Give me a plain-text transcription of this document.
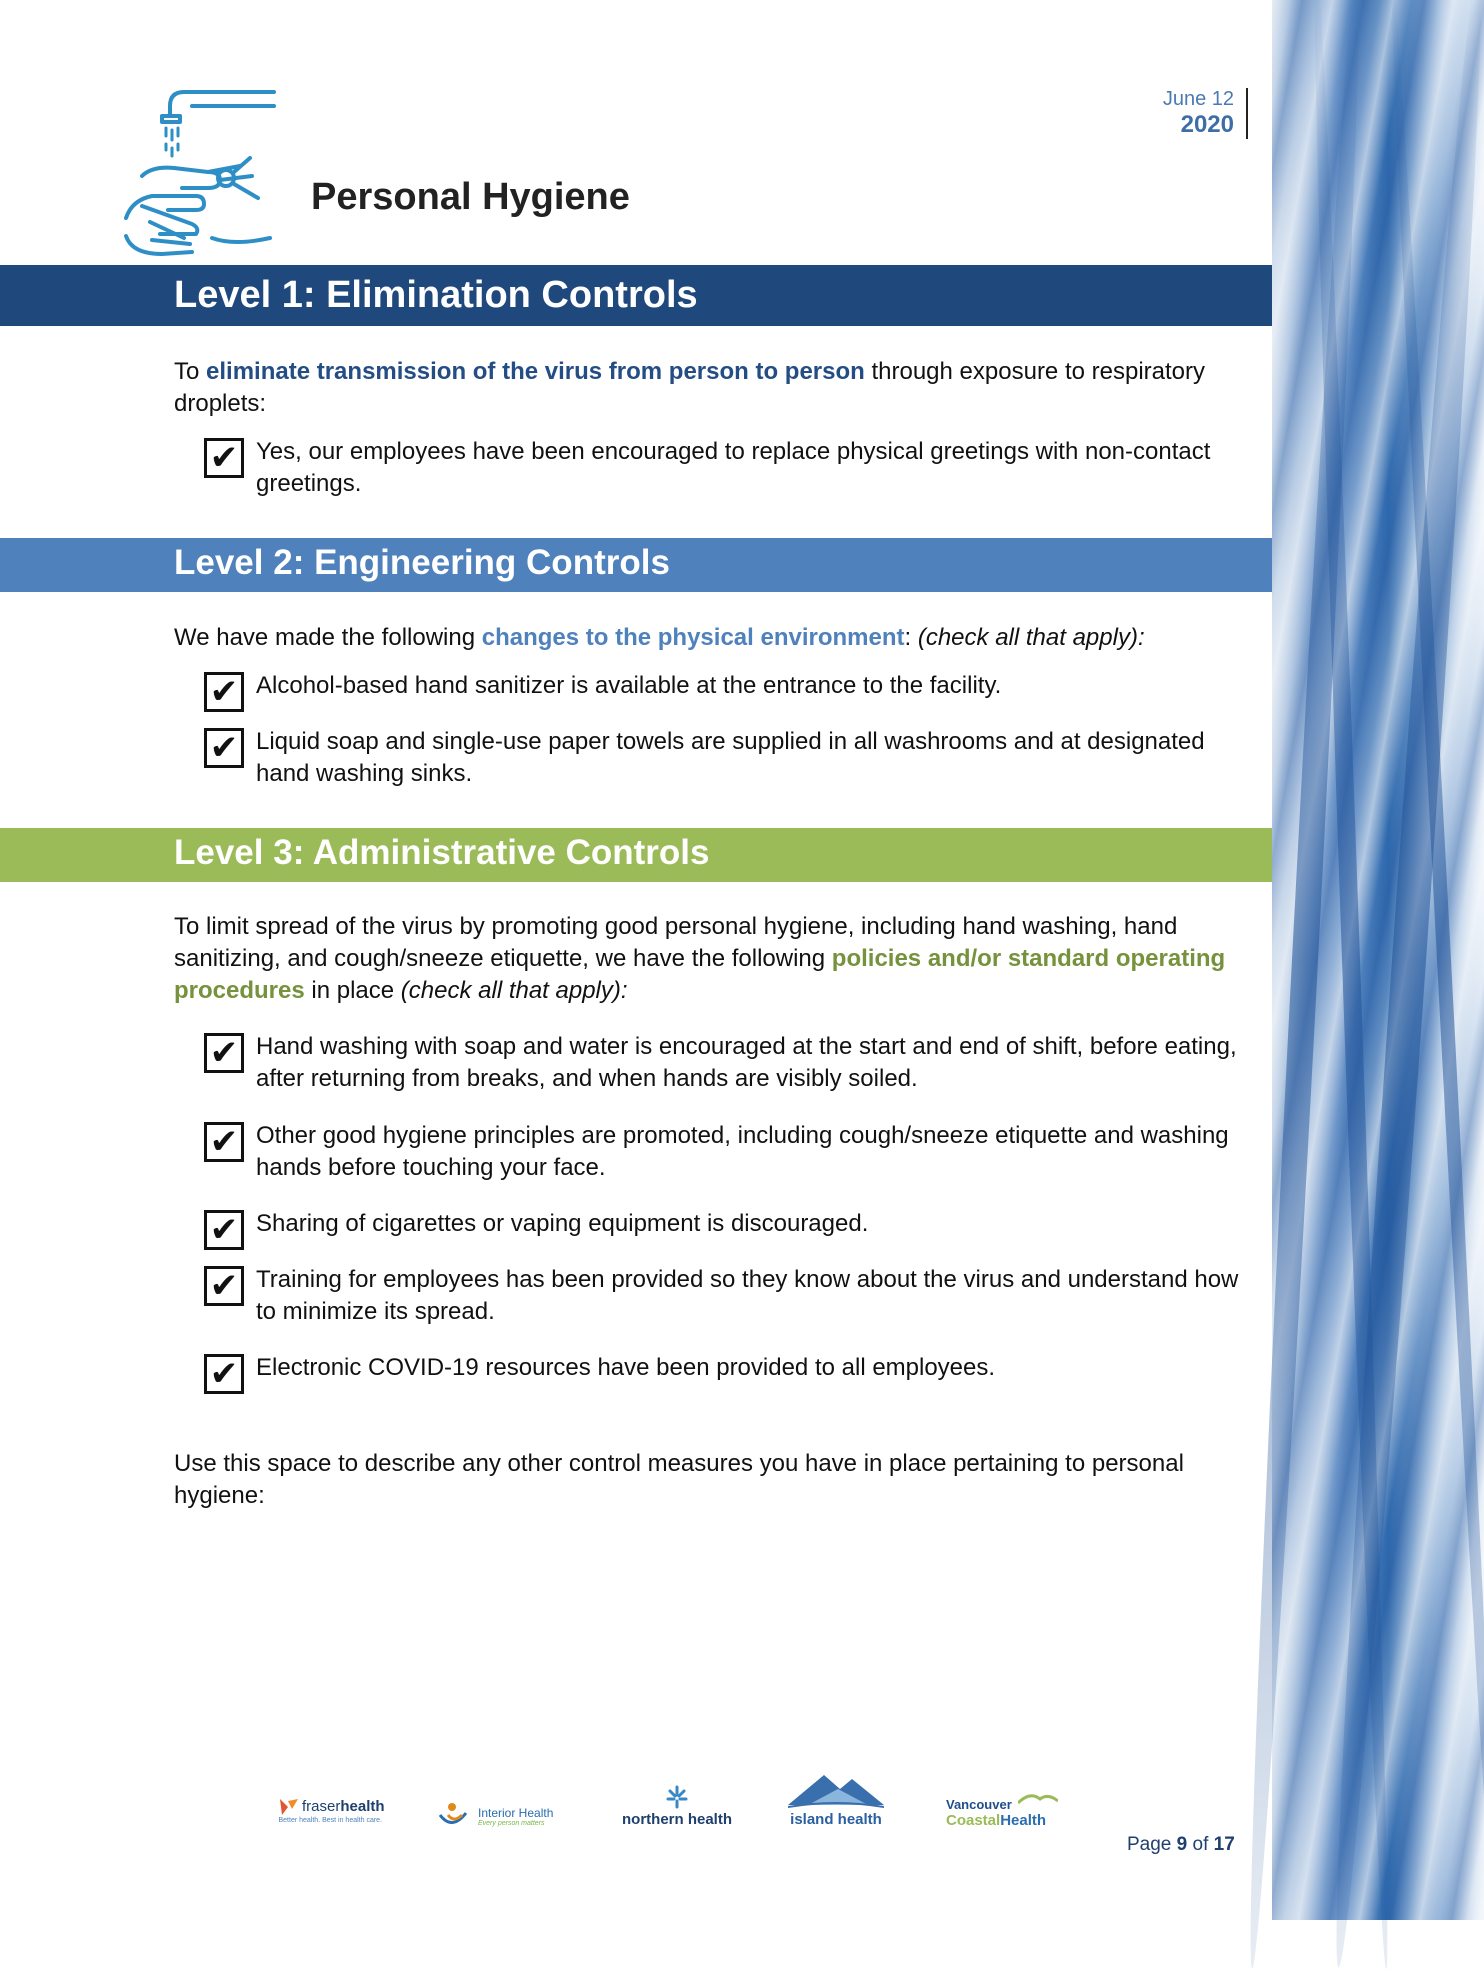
June 12
2020
Personal Hygiene
Level 1: Elimination Controls

To eliminate transmission of the virus from person to person through exposure to respiratory droplets:

✔ Yes, our employees have been encouraged to replace physical greetings with non-contact greetings.
Level 2: Engineering Controls

We have made the following changes to the physical environment: (check all that apply):

✔ Alcohol-based hand sanitizer is available at the entrance to the facility.
✔ Liquid soap and single-use paper towels are supplied in all washrooms and at designated hand washing sinks.
Level 3: Administrative Controls

To limit spread of the virus by promoting good personal hygiene, including hand washing, hand sanitizing, and cough/sneeze etiquette, we have the following policies and/or standard operating procedures in place (check all that apply):

✔ Hand washing with soap and water is encouraged at the start and end of shift, before eating, after returning from breaks, and when hands are visibly soiled.
✔ Other good hygiene principles are promoted, including cough/sneeze etiquette and washing hands before touching your face.
✔ Sharing of cigarettes or vaping equipment is discouraged.
✔ Training for employees has been provided so they know about the virus and understand how to minimize its spread.
✔ Electronic COVID-19 resources have been provided to all employees.

Use this space to describe any other control measures you have in place pertaining to personal hygiene:

fraserhealth
Better health. Best in health care.
Interior Health
Every person matters	northern health	island health
Vancouver
CoastalHealth
Page 9 of 17
